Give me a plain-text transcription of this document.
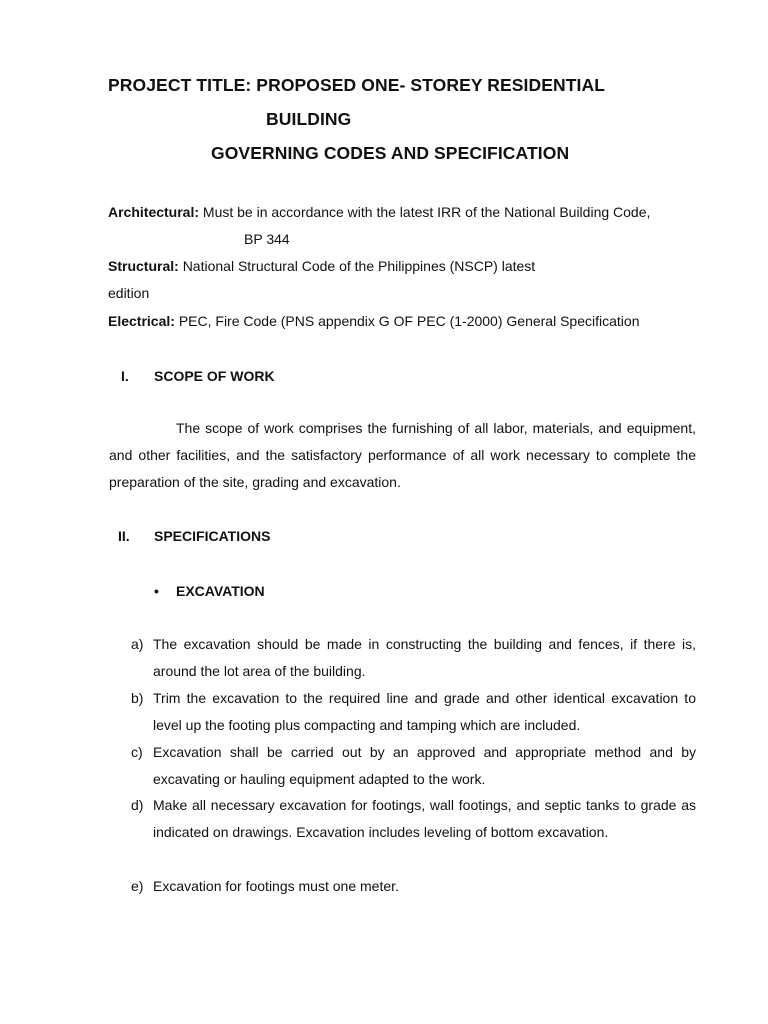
PROJECT TITLE: PROPOSED ONE- STOREY RESIDENTIAL
BUILDING
GOVERNING CODES AND SPECIFICATION
Architectural: Must be in accordance with the latest IRR of the National Building Code,
BP 344
Structural: National Structural Code of the Philippines (NSCP) latest
edition
Electrical: PEC, Fire Code (PNS appendix G OF PEC (1-2000) General Specification
I. SCOPE OF WORK
The scope of work comprises the furnishing of all labor, materials, and equipment, and other facilities, and the satisfactory performance of all work necessary to complete the preparation of the site, grading and excavation.
II. SPECIFICATIONS
• EXCAVATION
a) The excavation should be made in constructing the building and fences, if there is, around the lot area of the building.
b) Trim the excavation to the required line and grade and other identical excavation to level up the footing plus compacting and tamping which are included.
c) Excavation shall be carried out by an approved and appropriate method and by excavating or hauling equipment adapted to the work.
d) Make all necessary excavation for footings, wall footings, and septic tanks to grade as indicated on drawings. Excavation includes leveling of bottom excavation.
e) Excavation for footings must one meter.
